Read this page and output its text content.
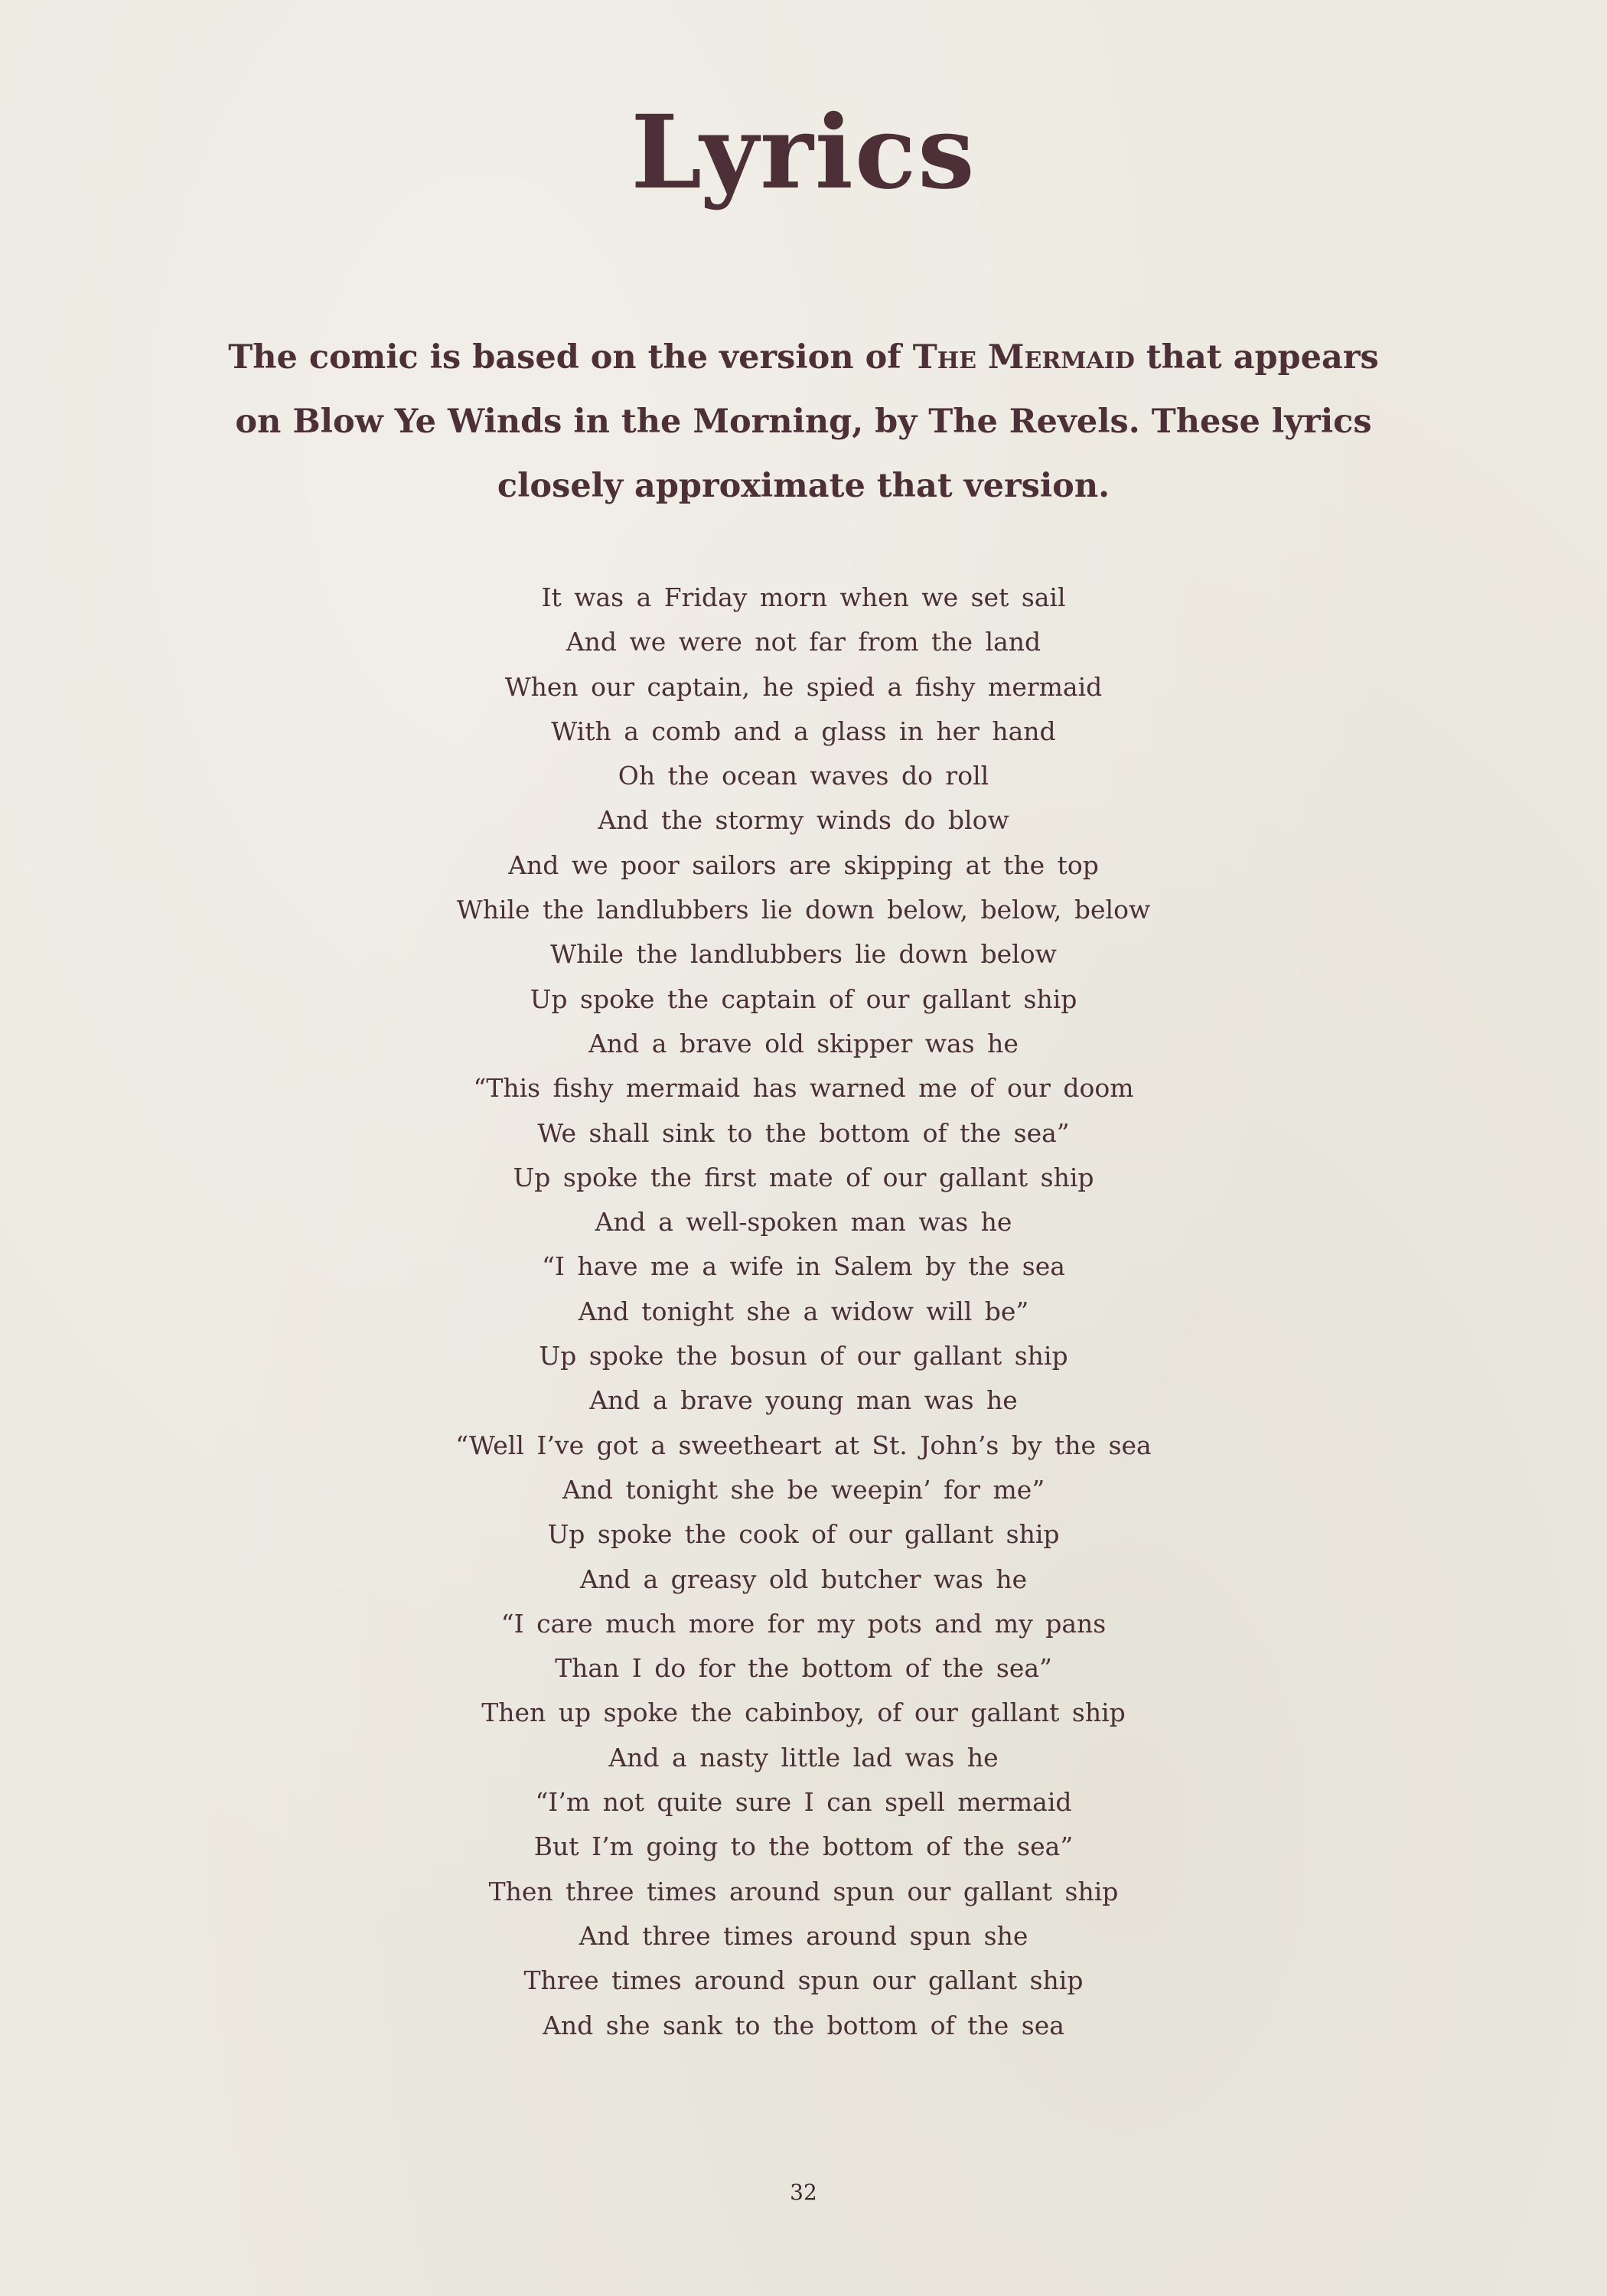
Lyrics

The comic is based on the version of The Mermaid that appears on Blow Ye Winds in the Morning, by The Revels. These lyrics closely approximate that version.

It was a Friday morn when we set sail
And we were not far from the land
When our captain, he spied a fishy mermaid
With a comb and a glass in her hand
Oh the ocean waves do roll
And the stormy winds do blow
And we poor sailors are skipping at the top
While the landlubbers lie down below, below, below
While the landlubbers lie down below
Up spoke the captain of our gallant ship
And a brave old skipper was he
“This fishy mermaid has warned me of our doom
We shall sink to the bottom of the sea”
Up spoke the first mate of our gallant ship
And a well-spoken man was he
“I have me a wife in Salem by the sea
And tonight she a widow will be”
Up spoke the bosun of our gallant ship
And a brave young man was he
“Well I’ve got a sweetheart at St. John’s by the sea
And tonight she be weepin’ for me”
Up spoke the cook of our gallant ship
And a greasy old butcher was he
“I care much more for my pots and my pans
Than I do for the bottom of the sea”
Then up spoke the cabinboy, of our gallant ship
And a nasty little lad was he
“I’m not quite sure I can spell mermaid
But I’m going to the bottom of the sea”
Then three times around spun our gallant ship
And three times around spun she
Three times around spun our gallant ship
And she sank to the bottom of the sea
32
